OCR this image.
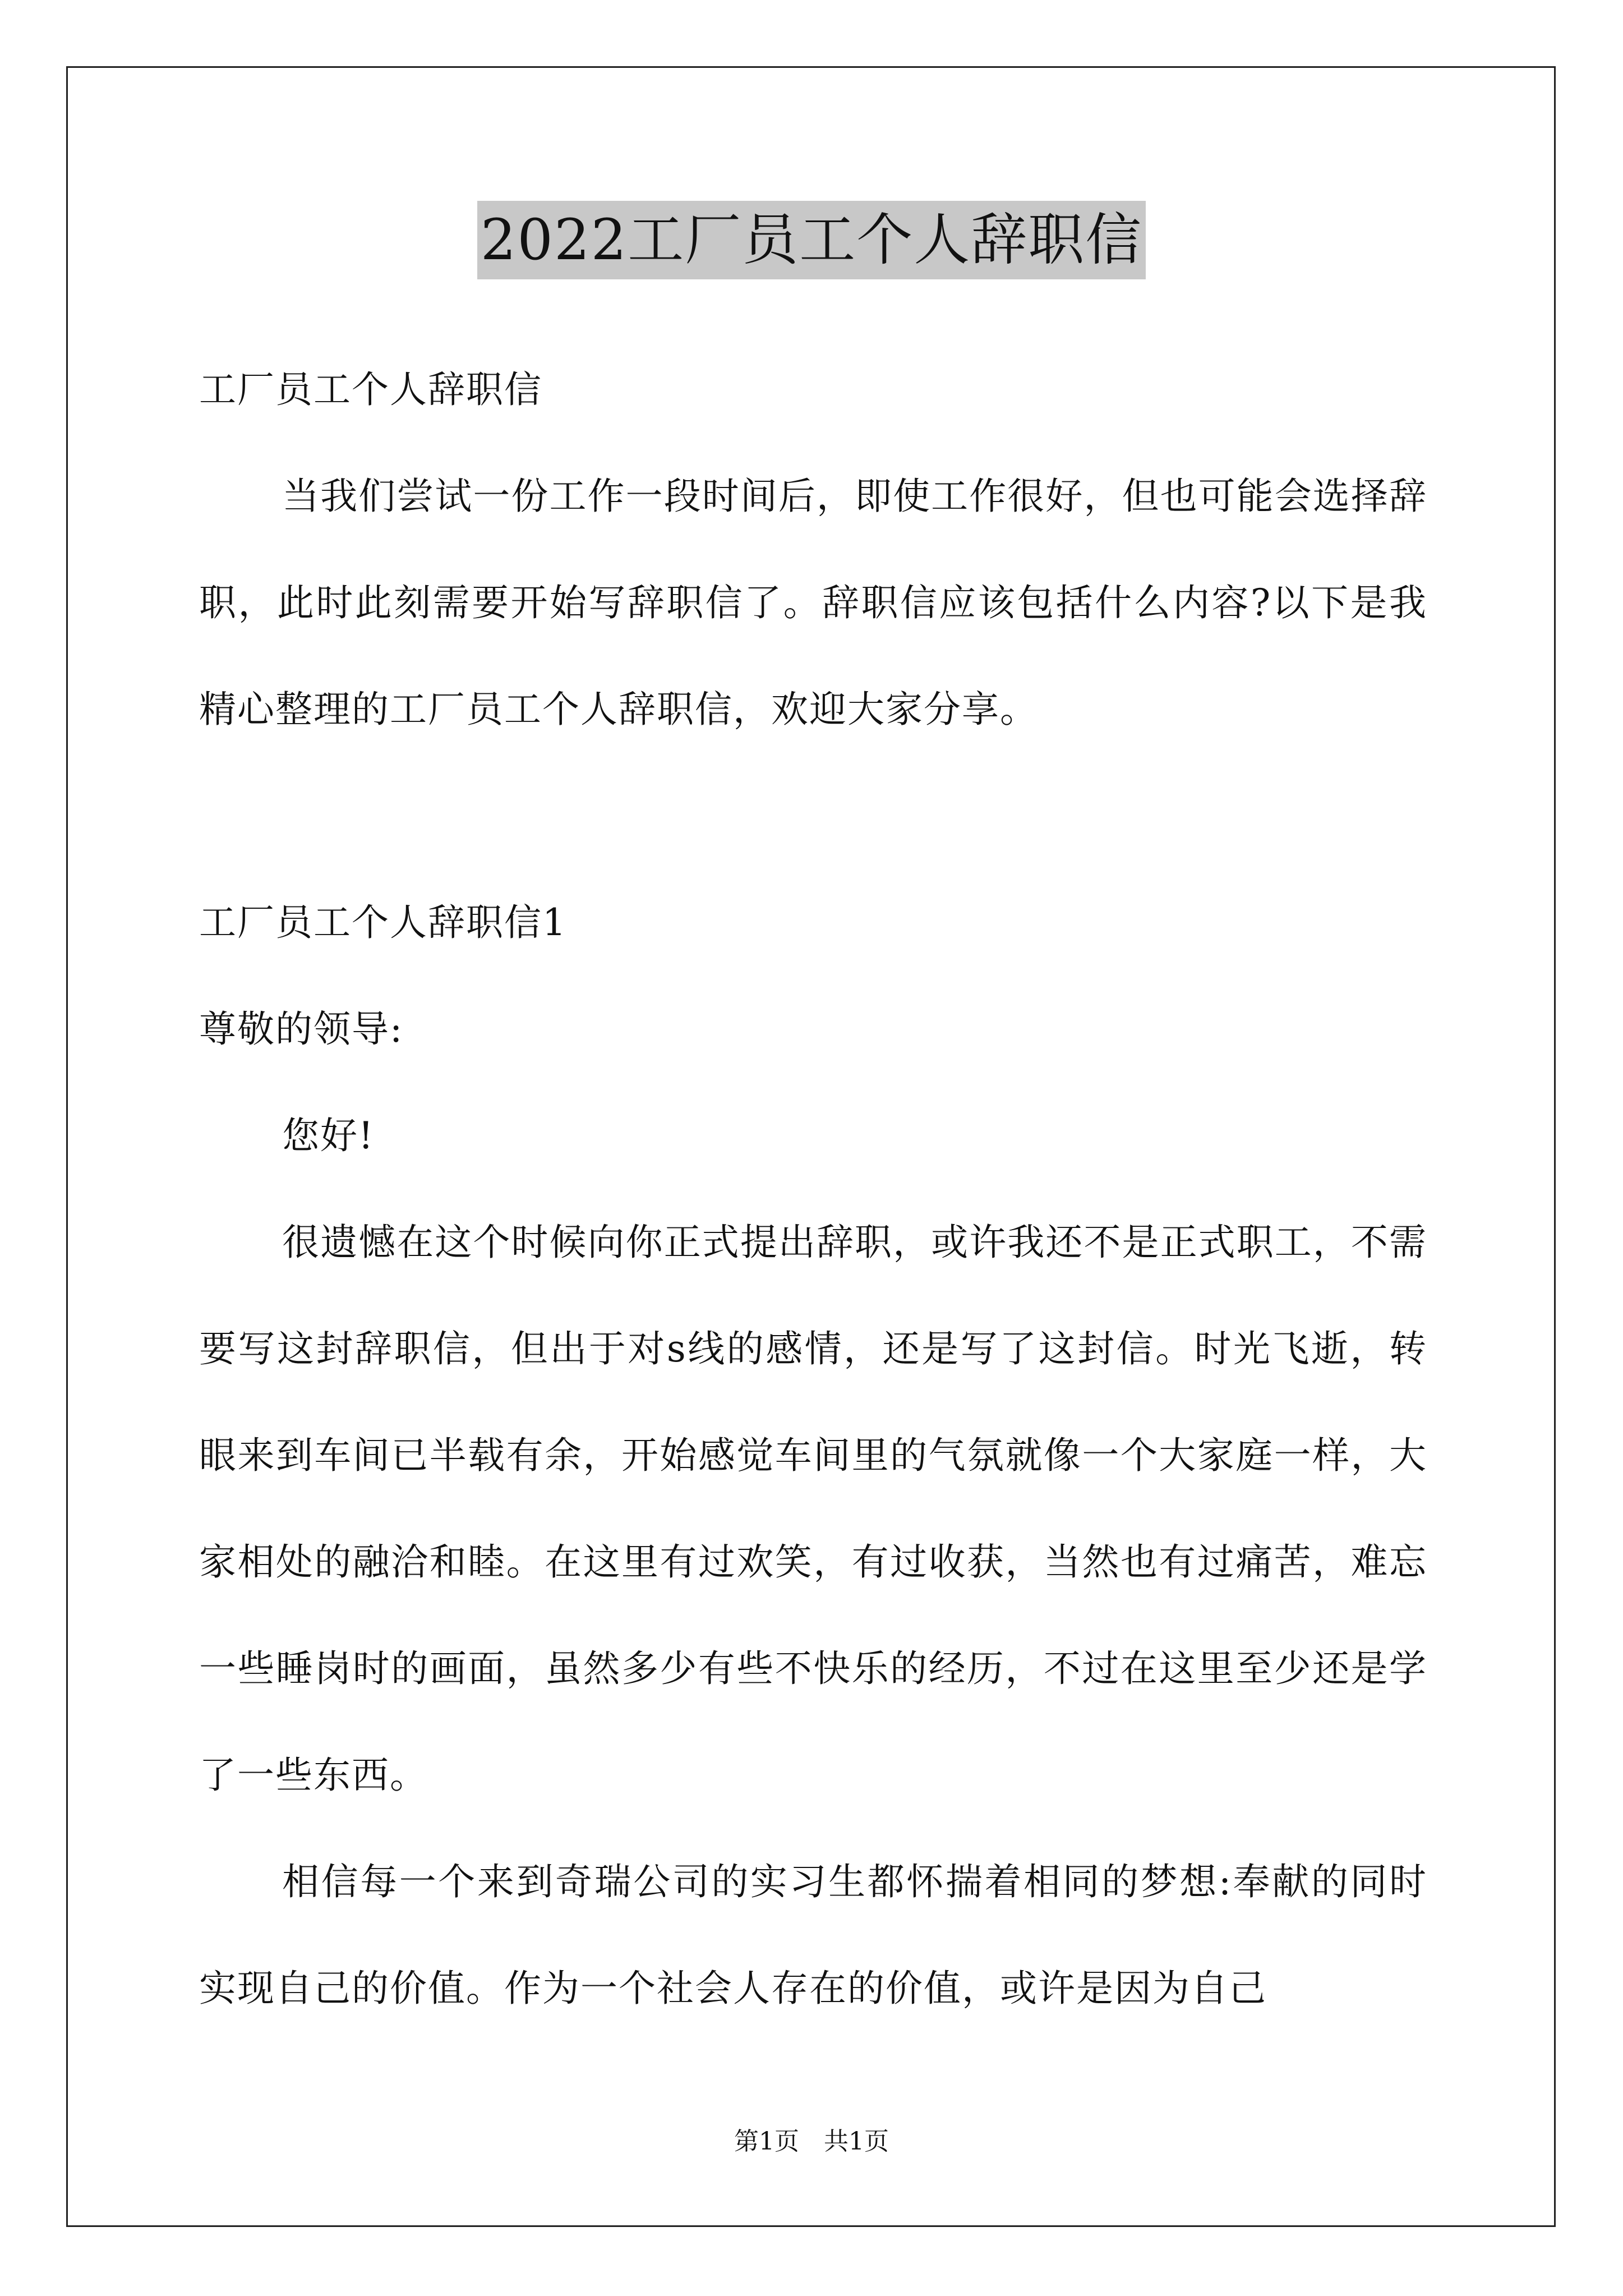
2022工厂员工个人辞职信

工厂员工个人辞职信

当我们尝试一份工作一段时间后，即使工作很好，但也可能会选择辞职，此时此刻需要开始写辞职信了。辞职信应该包括什么内容?以下是我精心整理的工厂员工个人辞职信，欢迎大家分享。

工厂员工个人辞职信1

尊敬的领导:

您好!

很遗憾在这个时候向你正式提出辞职，或许我还不是正式职工，不需要写这封辞职信，但出于对s线的感情，还是写了这封信。时光飞逝，转眼来到车间已半载有余，开始感觉车间里的气氛就像一个大家庭一样，大家相处的融洽和睦。在这里有过欢笑，有过收获，当然也有过痛苦，难忘一些睡岗时的画面，虽然多少有些不快乐的经历，不过在这里至少还是学了一些东西。

相信每一个来到奇瑞公司的实习生都怀揣着相同的梦想:奉献的同时实现自己的价值。作为一个社会人存在的价值，或许是因为自己

第1页　共1页
